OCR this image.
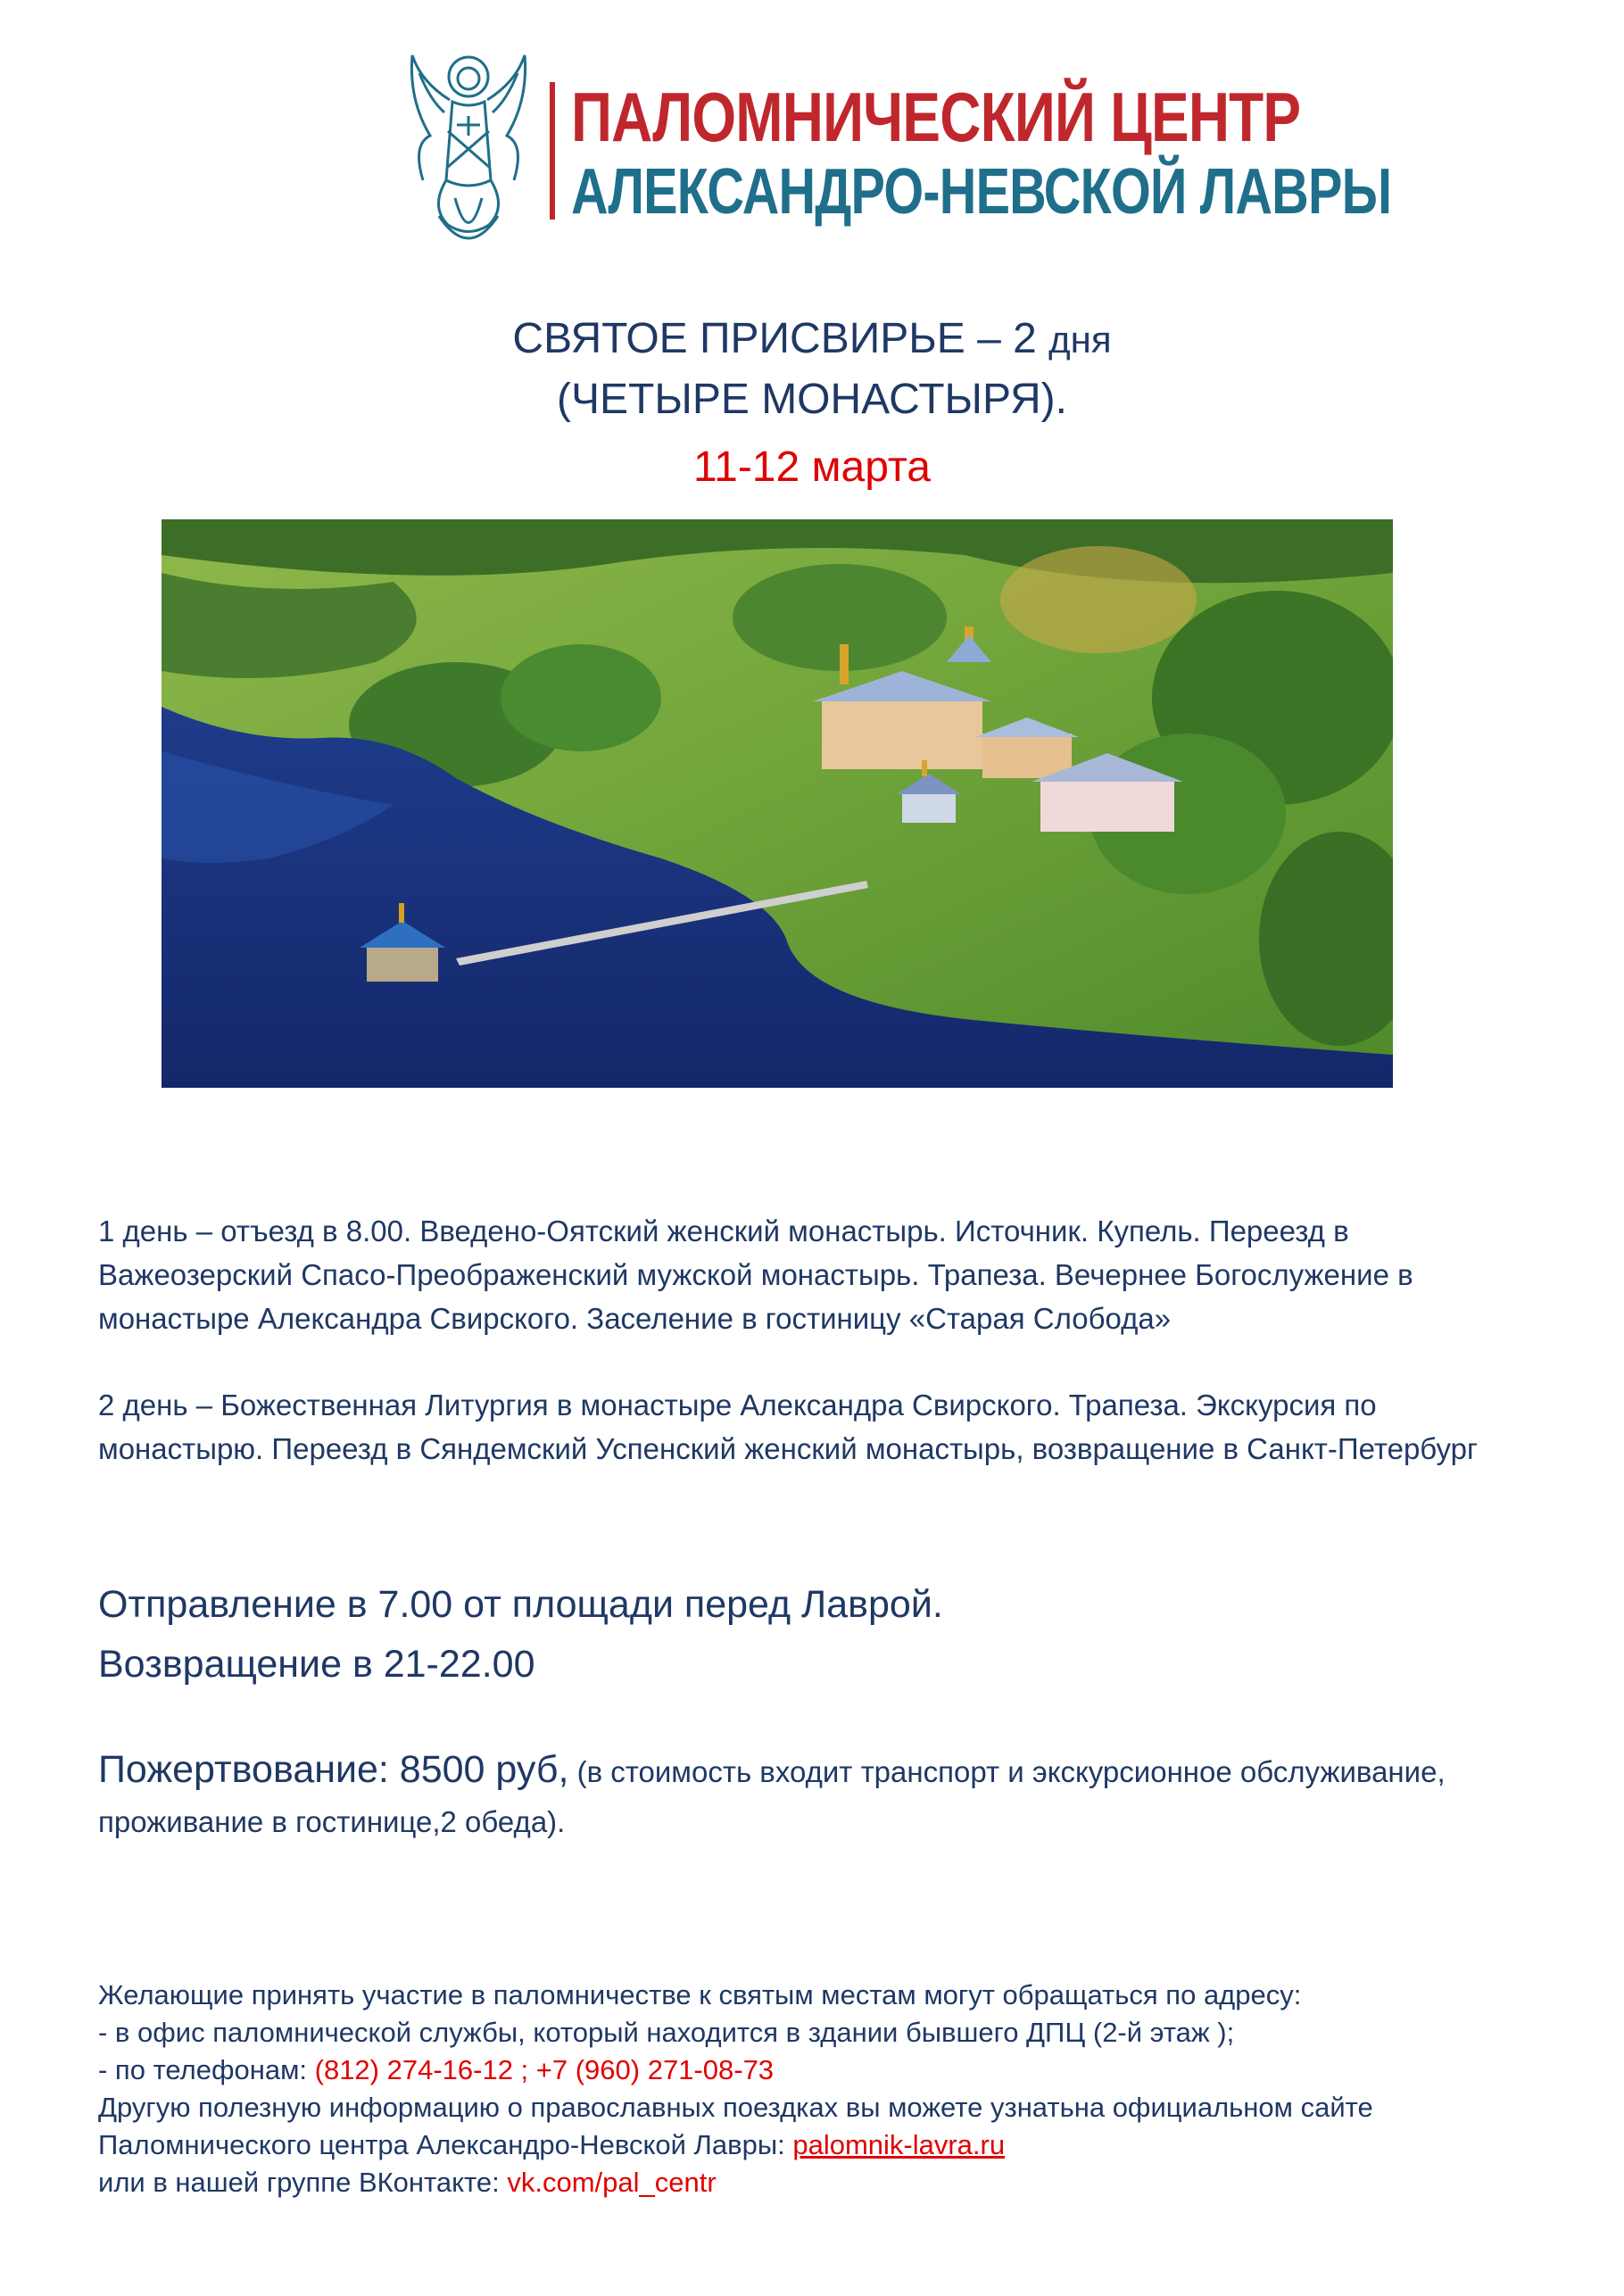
ПАЛОМНИЧЕСКИЙ ЦЕНТР
АЛЕКСАНДРО-НЕВСКОЙ ЛАВРЫ
СВЯТОЕ ПРИСВИРЬЕ – 2 дня
(ЧЕТЫРЕ МОНАСТЫРЯ).
11-12 марта
1 день – отъезд в 8.00. Введено-Оятский женский монастырь. Источник. Купель. Переезд в Важеозерский Спасо-Преображенский мужской монастырь. Трапеза. Вечернее Богослужение в монастыре Александра Свирского. Заселение в гостиницу «Старая Слобода»
2 день – Божественная Литургия в монастыре Александра Свирского. Трапеза. Экскурсия по монастырю. Переезд в Сяндемский Успенский женский монастырь, возвращение в Санкт-Петербург
Отправление в 7.00 от площади перед Лаврой.
Возвращение в 21-22.00
Пожертвование: 8500 руб, (в стоимость входит транспорт и экскурсионное обслуживание, проживание в гостинице,2 обеда).
Желающие принять участие в паломничестве к святым местам могут обращаться по адресу:
- в офис паломнической службы, который находится в здании бывшего ДПЦ (2-й этаж );
- по телефонам: (812) 274-16-12 ; +7 (960) 271-08-73
Другую полезную информацию о православных поездках вы можете узнатьна официальном сайте
Паломнического центра Александро-Невской Лавры: palomnik-lavra.ru
или в нашей группе ВКонтакте: vk.com/pal_centr
